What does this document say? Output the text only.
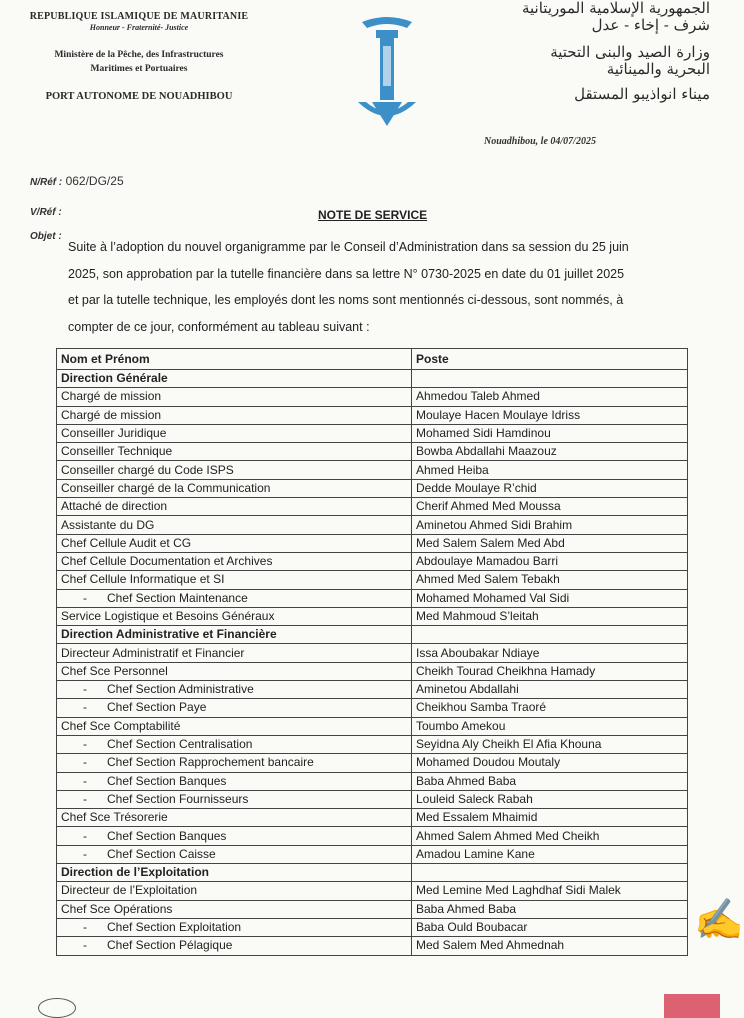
REPUBLIQUE ISLAMIQUE DE MAURITANIE
Honneur - Fraternité- Justice
Ministère de la Pêche, des Infrastructures
Maritimes et Portuaires
PORT AUTONOME DE NOUADHIBOU
الجمهورية الإسلامية الموريتانية
شرف - إخاء - عدل
وزارة الصيد والبنى التحتية
البحرية والمينائية
ميناء انواذيبو المستقل
Nouadhibou, le 04/07/2025
N/Réf : 062/DG/25
V/Réf :
Objet :
NOTE DE SERVICE

Suite à l’adoption du nouvel organigramme par le Conseil d’Administration dans sa session du 25 juin

2025, son approbation par la tutelle financière dans sa lettre N° 0730-2025 en date du 01 juillet 2025

et par la tutelle technique, les employés dont les noms sont mentionnés ci-dessous, sont nommés, à

compter de ce jour, conformément au tableau suivant :

Nom et Prénom	Poste
Direction Générale	
Chargé de mission	Ahmedou Taleb Ahmed
Chargé de mission	Moulaye Hacen Moulaye Idriss
Conseiller Juridique	Mohamed Sidi Hamdinou
Conseiller Technique	Bowba Abdallahi Maazouz
Conseiller chargé du Code ISPS	Ahmed Heiba
Conseiller chargé de la Communication	Dedde Moulaye R’chid
Attaché de direction	Cherif Ahmed Med Moussa
Assistante du DG	Aminetou Ahmed Sidi Brahim
Chef Cellule Audit et CG	Med Salem Salem Med Abd
Chef Cellule Documentation et Archives	Abdoulaye Mamadou Barri
Chef Cellule Informatique et SI	Ahmed Med Salem Tebakh
- Chef Section Maintenance	Mohamed Mohamed Val Sidi
Service Logistique et Besoins Généraux	Med Mahmoud S’leitah
Direction Administrative et Financière	
Directeur Administratif et Financier	Issa Aboubakar Ndiaye
Chef Sce Personnel	Cheikh Tourad Cheikhna Hamady
- Chef Section Administrative	Aminetou Abdallahi
- Chef Section Paye	Cheikhou Samba Traoré
Chef Sce Comptabilité	Toumbo Amekou
- Chef Section Centralisation	Seyidna Aly Cheikh El Afia Khouna
- Chef Section Rapprochement bancaire	Mohamed Doudou Moutaly
- Chef Section Banques	Baba Ahmed Baba
- Chef Section Fournisseurs	Louleid Saleck Rabah
Chef Sce Trésorerie	Med Essalem Mhaimid
- Chef Section Banques	Ahmed Salem Ahmed Med Cheikh
- Chef Section Caisse	Amadou Lamine Kane
Direction de l’Exploitation	
Directeur de l’Exploitation	Med Lemine Med Laghdhaf Sidi Malek
Chef Sce Opérations	Baba Ahmed Baba
- Chef Section Exploitation	Baba Ould Boubacar
- Chef Section Pélagique	Med Salem Med Ahmednah
✍
